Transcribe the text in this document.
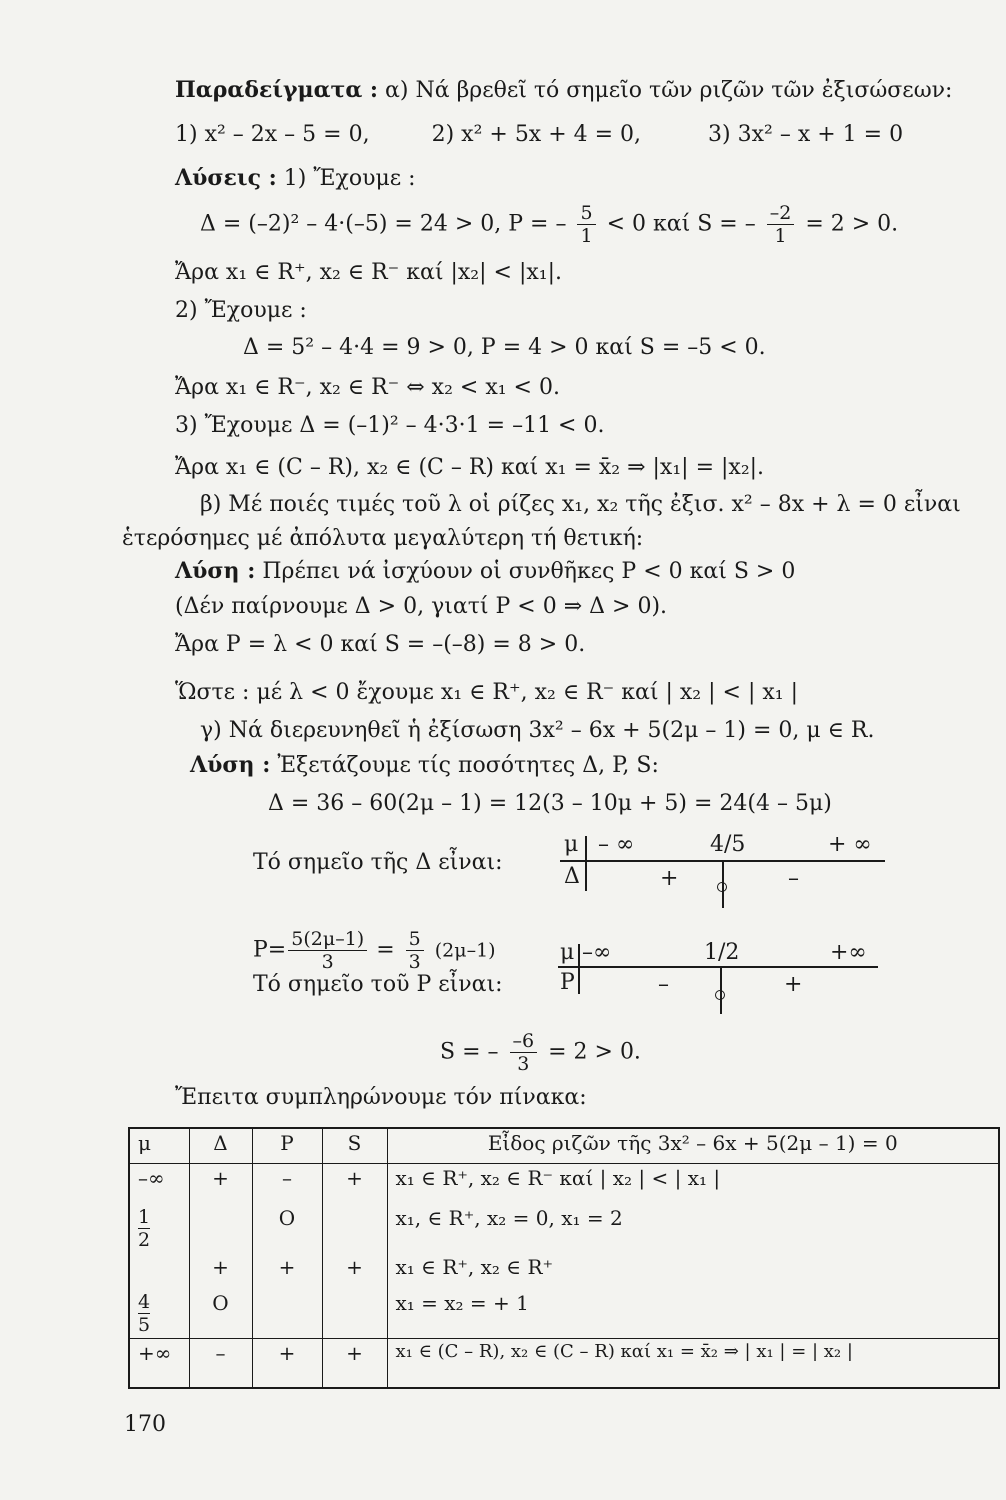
Παραδείγματα : α) Νά βρεθεῖ τό σημεῖο τῶν ριζῶν τῶν ἐξισώσεων:
1) x² – 2x – 5 = 0,	2) x² + 5x + 4 = 0,	3) 3x² – x + 1 = 0
Λύσεις : 1) Ἔχουμε :
Δ = (–2)² – 4·(–5) = 24 > 0, P = – $\frac{5}{1} < 0$ καί S = – $\frac{-2}{1} = 2 > 0$.
Ἄρα x₁ ∈ R⁺, x₂ ∈ R⁻ καί |x₂| < |x₁|.
2) Ἔχουμε :
Δ = 5² – 4·4 = 9 > 0, P = 4 > 0 καί S = –5 < 0.
Ἄρα x₁ ∈ R⁻, x₂ ∈ R⁻ ⇔ x₂ < x₁ < 0.
3) Ἔχουμε Δ = (–1)² – 4·3·1 = –11 < 0.
Ἄρα x₁ ∈ (C – R), x₂ ∈ (C – R) καί x₁ = x̄₂ ⇒ |x₁| = |x₂|.
β) Μέ ποιές τιμές τοῦ λ οἱ ρίζες x₁, x₂ τῆς ἐξισ. x² – 8x + λ = 0 εἶναι
ἑτερόσημες μέ ἀπόλυτα μεγαλύτερη τή θετική:
Λύση : Πρέπει νά ἰσχύουν οἱ συνθῆκες P < 0 καί S > 0
(Δέν παίρνουμε Δ > 0, γιατί P < 0 ⇒ Δ > 0).
Ἄρα P = λ < 0 καί S = –(–8) = 8 > 0.
Ὥστε : μέ λ < 0 ἔχουμε x₁ ∈ R⁺, x₂ ∈ R⁻ καί | x₂ | < | x₁ |
γ) Νά διερευνηθεῖ ἡ ἐξίσωση 3x² – 6x + 5(2μ – 1) = 0, μ ∈ R.
Λύση : Ἐξετάζουμε τίς ποσότητες Δ, P, S:
Δ = 36 – 60(2μ – 1) = 12(3 – 10μ + 5) = 24(4 – 5μ)
Τό σημεῖο τῆς Δ εἶναι:
μ – ∞	4/5	+ ∞
Δ	+	–
$P= \frac{5(2\mu-1)}{3} = \frac{5}{3} (2\mu-1)$
Τό σημεῖο τοῦ P εἶναι:
μ –∞	1/2	+∞
P	–	+
S = – $\frac{-6}{3} = 2 > 0$.
Ἔπειτα συμπληρώνουμε τόν πίνακα:
μ	Δ	P	S	Εἶδος ριζῶν τῆς 3x² – 6x + 5(2μ – 1) = 0
–∞	+	–	+	x₁ ∈ R⁺, x₂ ∈ R⁻ καί | x₂ | < | x₁ |

$\frac{1}{2}$		O		x₁, ∈ R⁺, x₂ = 0, x₁ = 2
	+	+	+	x₁ ∈ R⁺, x₂ ∈ R⁺

$\frac{4}{5}$	O			x₁ = x₂ = + 1
+∞	–	+	+	x₁ ∈ (C – R), x₂ ∈ (C – R) καί x₁ = x̄₂ ⇒ | x₁ | = | x₂ |
170
